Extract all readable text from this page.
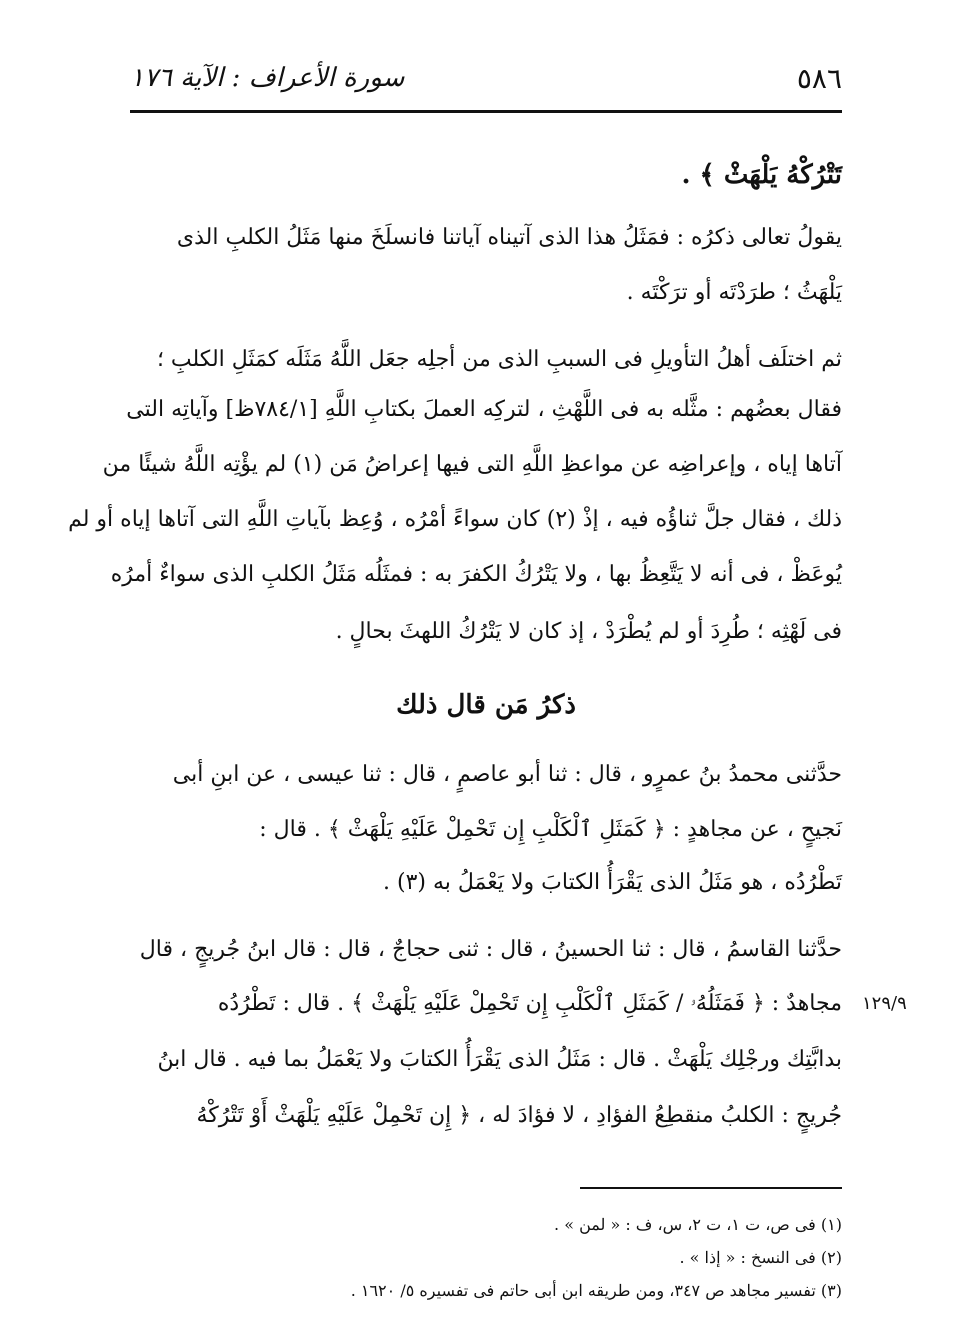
٥٨٦
سورة الأعراف : الآية ١٧٦
تَتْرُكْهُ يَلْهَثْ ﴾ .
يقولُ تعالى ذكرُه : فمَثَلُ هذا الذى آتيناه آياتنا فانسلَخَ منها مَثَلُ الكلبِ الذى
يَلْهَثُ ؛ طرَدْتَه أو ترَكْتَه .
ثم اختلَف أهلُ التأويلِ فى السببِ الذى من أجلِه جعَل اللَّهُ مَثَلَه كمَثَلِ الكلبِ ؛
فقال بعضُهم : مثَّله به فى اللَّهْثِ ، لتركِه العملَ بكتابِ اللَّهِ [٧٨٤/١ظ] وآياتِه التى
آتاها إياه ، وإعراضِه عن مواعظِ اللَّهِ التى فيها إعراضُ مَن (١) لم يؤْتِه اللَّهُ شيئًا من
ذلك ، فقال جلَّ ثناؤُه فيه ، إذْ (٢) كان سواءً أمْرُه ، وُعِظ بآياتِ اللَّهِ التى آتاها إياه أو لم
يُوعَظْ ، فى أنه لا يَتَّعِظُ بها ، ولا يَتْرُكُ الكفرَ به : فمثَلُه مَثَلُ الكلبِ الذى سواءٌ أمرُه
فى لَهْثِه ؛ طُرِدَ أو لم يُطْرَدْ ، إذ كان لا يَتْرُكُ اللهثَ بحالٍ .
ذكرُ مَن قال ذلك
حدَّثنى محمدُ بنُ عمرٍو ، قال : ثنا أبو عاصمٍ ، قال : ثنا عيسى ، عن ابنِ أبى
نَجيحٍ ، عن مجاهدٍ : ﴿ كَمَثَلِ ٱلْكَلْبِ إِن تَحْمِلْ عَلَيْهِ يَلْهَثْ ﴾ . قال :
تَطْرُدُه ، هو مَثَلُ الذى يَقْرَأُ الكتابَ ولا يَعْمَلُ به (٣) .
حدَّثنا القاسمُ ، قال : ثنا الحسينُ ، قال : ثنى حجاجٌ ، قال : قال ابنُ جُريجٍ ، قال
مجاهدٌ : ﴿ فَمَثَلُهُۥ / كَمَثَلِ ٱلْكَلْبِ إِن تَحْمِلْ عَلَيْهِ يَلْهَثْ ﴾ . قال : تَطْرُدُه
بدابَّتِك ورجْلِك يَلْهَثْ . قال : مَثَلُ الذى يَقْرَأُ الكتابَ ولا يَعْمَلُ بما فيه . قال ابنُ
جُريجٍ : الكلبُ منقطِعُ الفؤادِ ، لا فؤادَ له ، ﴿ إِن تَحْمِلْ عَلَيْهِ يَلْهَثْ أَوْ تَتْرُكْهُ
١٢٩/٩
(١) فى ص، ت ١، ت ٢، س، ف : « لمن » .
(٢) فى النسخ : « إذا » .
(٣) تفسير مجاهد ص ٣٤٧، ومن طريقه ابن أبى حاتم فى تفسيره ٥/ ١٦٢٠ .
